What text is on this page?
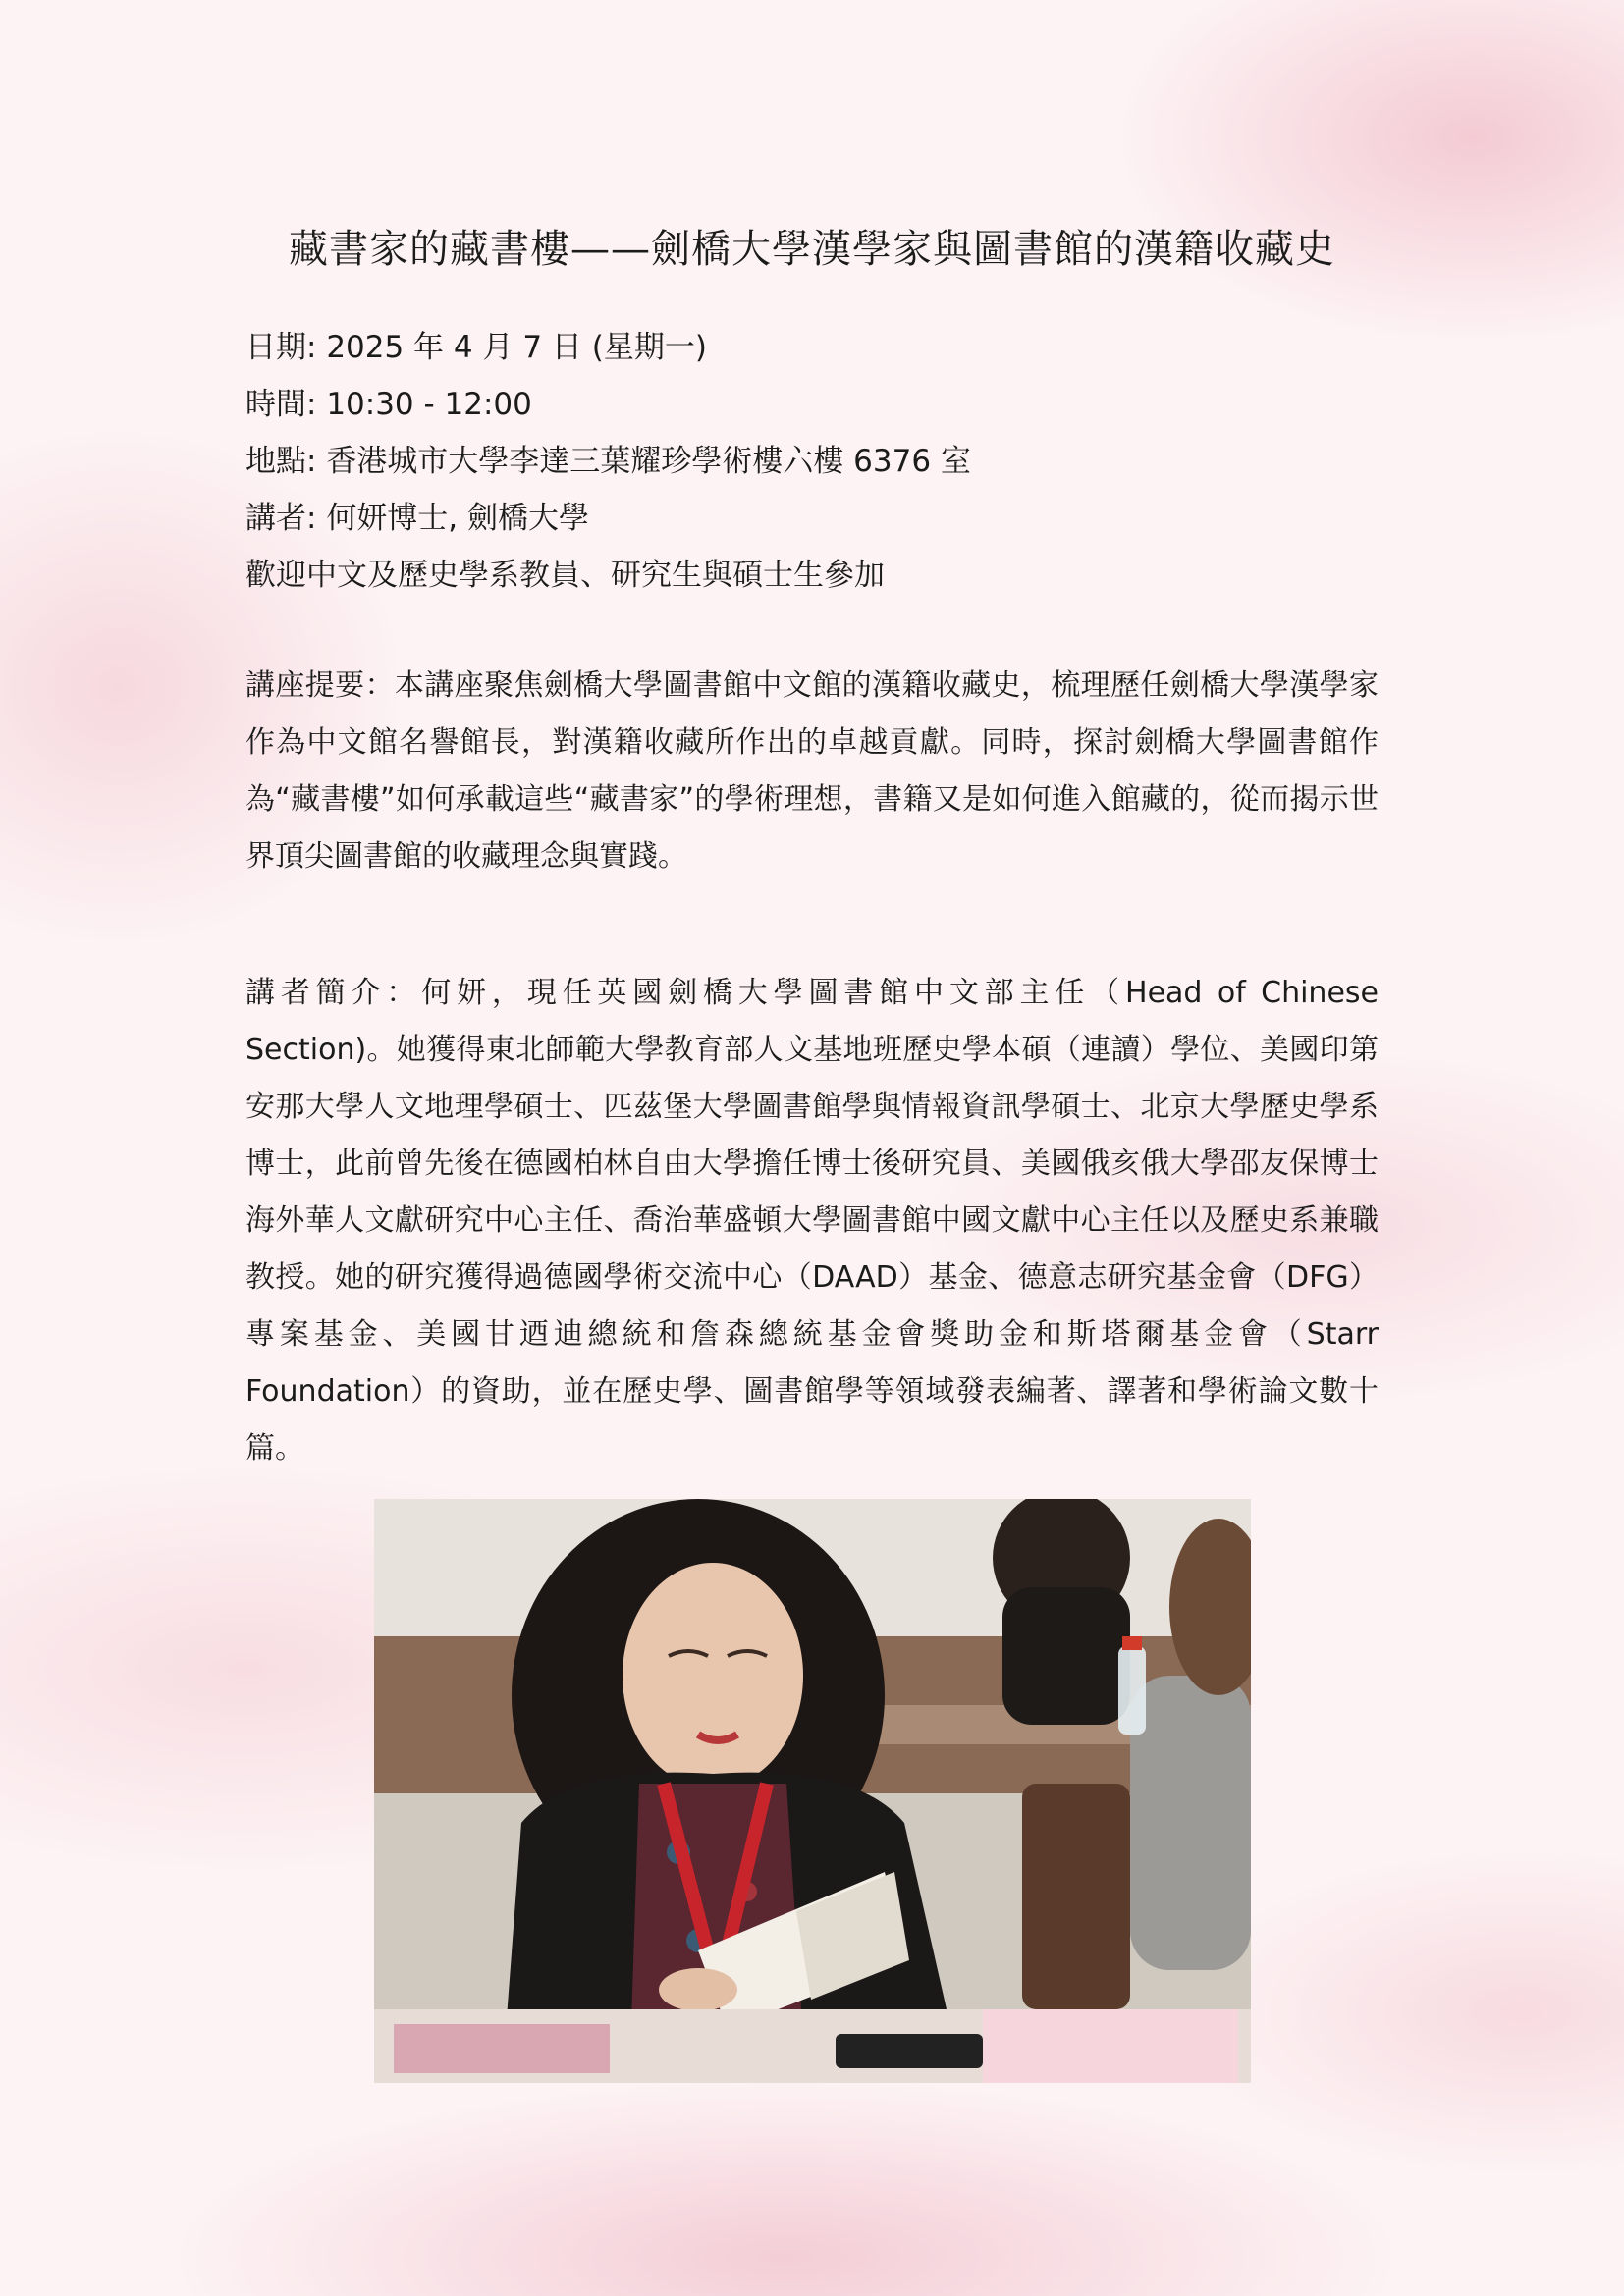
藏書家的藏書樓——劍橋大學漢學家與圖書館的漢籍收藏史
日期: 2025 年 4 月 7 日 (星期一)
時間: 10:30 - 12:00
地點: 香港城市大學李達三葉耀珍學術樓六樓 6376 室
講者: 何妍博士, 劍橋大學
歡迎中文及歷史學系教員、研究生與碩士生參加

講座提要：本講座聚焦劍橋大學圖書館中文館的漢籍收藏史，梳理歷任劍橋大學漢學家作為中文館名譽館長，對漢籍收藏所作出的卓越貢獻。同時，探討劍橋大學圖書館作為“藏書樓”如何承載這些“藏書家”的學術理想，書籍又是如何進入館藏的，從而揭示世界頂尖圖書館的收藏理念與實踐。

講者簡介：何妍，現任英國劍橋大學圖書館中文部主任（Head of Chinese Section)。她獲得東北師範大學教育部人文基地班歷史學本碩（連讀）學位、美國印第安那大學人文地理學碩士、匹茲堡大學圖書館學與情報資訊學碩士、北京大學歷史學系博士，此前曾先後在德國柏林自由大學擔任博士後研究員、美國俄亥俄大學邵友保博士海外華人文獻研究中心主任、喬治華盛頓大學圖書館中國文獻中心主任以及歷史系兼職教授。她的研究獲得過德國學術交流中心（DAAD）基金、德意志研究基金會（DFG）專案基金、美國甘迺迪總統和詹森總統基金會獎助金和斯塔爾基金會（Starr Foundation）的資助，並在歷史學、圖書館學等領域發表編著、譯著和學術論文數十篇。
